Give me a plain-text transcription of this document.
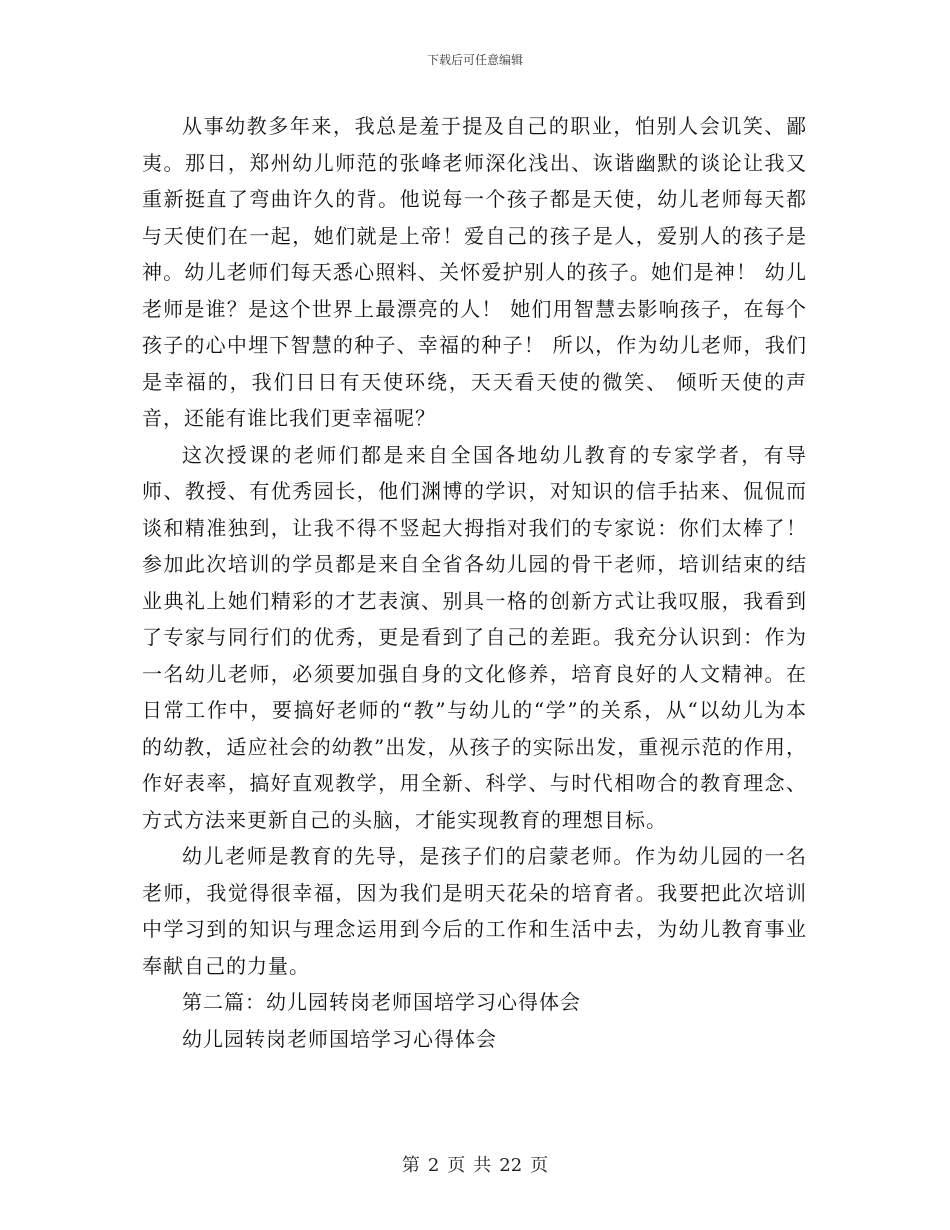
下载后可任意编辑

从事幼教多年来，我总是羞于提及自己的职业，怕别人会讥笑、鄙夷。那日，郑州幼儿师范的张峰老师深化浅出、诙谐幽默的谈论让我又重新挺直了弯曲许久的背。他说每一个孩子都是天使，幼儿老师每天都与天使们在一起，她们就是上帝！爱自己的孩子是人，爱别人的孩子是神。幼儿老师们每天悉心照料、关怀爱护别人的孩子。她们是神！ 幼儿老师是谁？是这个世界上最漂亮的人！ 她们用智慧去影响孩子，在每个孩子的心中埋下智慧的种子、幸福的种子！ 所以，作为幼儿老师，我们是幸福的，我们日日有天使环绕，天天看天使的微笑、 倾听天使的声音，还能有谁比我们更幸福呢？

这次授课的老师们都是来自全国各地幼儿教育的专家学者，有导师、教授、有优秀园长，他们渊博的学识，对知识的信手拈来、侃侃而谈和精准独到，让我不得不竖起大拇指对我们的专家说：你们太棒了！ 参加此次培训的学员都是来自全省各幼儿园的骨干老师，培训结束的结业典礼上她们精彩的才艺表演、别具一格的创新方式让我叹服，我看到了专家与同行们的优秀，更是看到了自己的差距。我充分认识到：作为一名幼儿老师，必须要加强自身的文化修养，培育良好的人文精神。在日常工作中，要搞好老师的“教”与幼儿的“学”的关系，从“以幼儿为本的幼教，适应社会的幼教”出发，从孩子的实际出发，重视示范的作用，作好表率，搞好直观教学，用全新、科学、与时代相吻合的教育理念、方式方法来更新自己的头脑，才能实现教育的理想目标。

幼儿老师是教育的先导，是孩子们的启蒙老师。作为幼儿园的一名老师，我觉得很幸福，因为我们是明天花朵的培育者。我要把此次培训中学习到的知识与理念运用到今后的工作和生活中去，为幼儿教育事业奉献自己的力量。

第二篇：幼儿园转岗老师国培学习心得体会

幼儿园转岗老师国培学习心得体会

第 2 页 共 22 页
